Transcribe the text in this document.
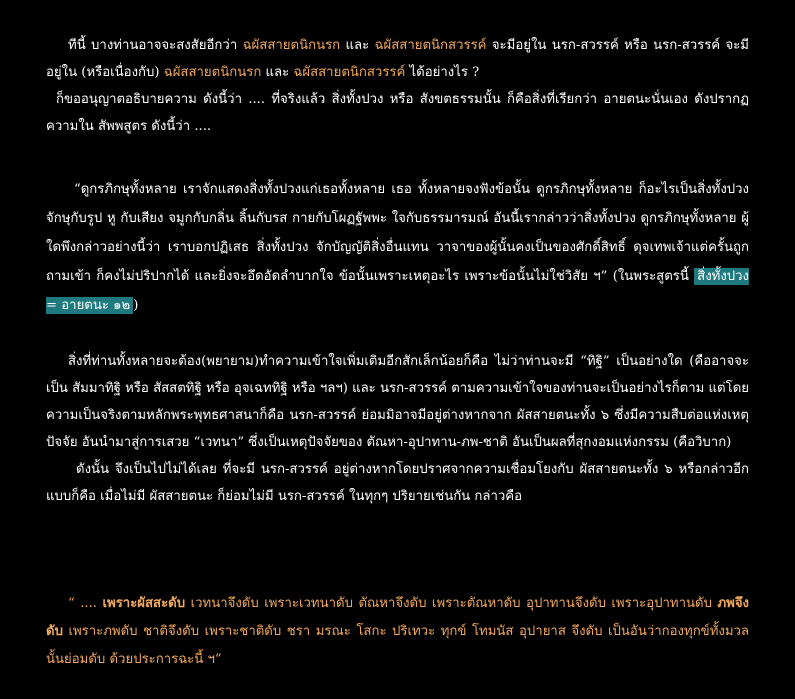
ทีนี้ บางท่านอาจจะสงสัยอีกว่า ฉผัสสายตนิกนรก และ ฉผัสสายตนิกสวรรค์ จะมีอยู่ใน นรก-สวรรค์ หรือ นรก-สวรรค์ จะมีอยู่ใน (หรือเนื่องกับ) ฉผัสสายตนิกนรก และ ฉผัสสายตนิกสวรรค์ ได้อย่างไร ?

ก็ขออนุญาตอธิบายความ ดังนี้ว่า .... ที่จริงแล้ว สิ่งทั้งปวง หรือ สังขตธรรมนั้น ก็คือสิ่งที่เรียกว่า อายตนะนั่นเอง ดังปรากฏความใน สัพพสูตร ดังนี้ว่า ....

“ดูกรภิกษุทั้งหลาย เราจักแสดงสิ่งทั้งปวงแก่เธอทั้งหลาย เธอ ทั้งหลายจงฟังข้อนั้น ดูกรภิกษุทั้งหลาย ก็อะไรเป็นสิ่งทั้งปวง จักษุกับรูป หู กับเสียง จมูกกับกลิ่น ลิ้นกับรส กายกับโผฏฐัพพะ ใจกับธรรมารมณ์ อันนี้เรากล่าวว่าสิ่งทั้งปวง ดูกรภิกษุทั้งหลาย ผู้ใดพึงกล่าวอย่างนี้ว่า เราบอกปฏิเสธ สิ่งทั้งปวง จักบัญญัติสิ่งอื่นแทน วาจาของผู้นั้นคงเป็นของศักดิ์สิทธิ์ ดุจเทพเจ้าแต่ครั้นถูกถามเข้า ก็คงไม่ปริปากได้ และยิ่งจะอึดอัดลำบากใจ ข้อนั้นเพราะเหตุอะไร เพราะข้อนั้นไม่ใช่วิสัย ฯ” (ในพระสูตรนี้ สิ่งทั้งปวง = อายตนะ ๑๒ )

สิ่งที่ท่านทั้งหลายจะต้อง(พยายาม)ทำความเข้าใจเพิ่มเติมอีกสักเล็กน้อยก็คือ ไม่ว่าท่านจะมี “ทิฐิ” เป็นอย่างใด (คืออาจจะเป็น สัมมาทิฐิ หรือ สัสสตทิฐิ หรือ อุจเฉททิฐิ หรือ ฯลฯ) และ นรก-สวรรค์ ตามความเข้าใจของท่านจะเป็นอย่างไรก็ตาม แต่โดยความเป็นจริงตามหลักพระพุทธศาสนาก็คือ นรก-สวรรค์ ย่อมมิอาจมีอยู่ต่างหากจาก ผัสสายตนะทั้ง ๖ ซึ่งมีความสืบต่อแห่งเหตุปัจจัย อันนำมาสู่การเสวย “เวทนา” ซึ่งเป็นเหตุปัจจัยของ ตัณหา-อุปาทาน-ภพ-ชาติ อันเป็นผลที่สุกงอมแห่งกรรม (คือวิบาก)

ดังนั้น จึงเป็นไปไม่ได้เลย ที่จะมี นรก-สวรรค์ อยู่ต่างหากโดยปราศจากความเชื่อมโยงกับ ผัสสายตนะทั้ง ๖ หรือกล่าวอีกแบบก็คือ เมื่อไม่มี ผัสสายตนะ ก็ย่อมไม่มี นรก-สวรรค์ ในทุกๆ ปริยายเช่นกัน กล่าวคือ

“ .... เพราะผัสสะดับ เวทนาจึงดับ เพราะเวทนาดับ ตัณหาจึงดับ เพราะตัณหาดับ อุปาทานจึงดับ เพราะอุปาทานดับ ภพจึงดับ เพราะภพดับ ชาติจึงดับ เพราะชาติดับ ชรา มรณะ โสกะ ปริเทวะ ทุกข์ โทมนัส อุปายาส จึงดับ เป็นอันว่ากองทุกข์ทั้งมวลนั้นย่อมดับ ด้วยประการฉะนี้ ฯ”
